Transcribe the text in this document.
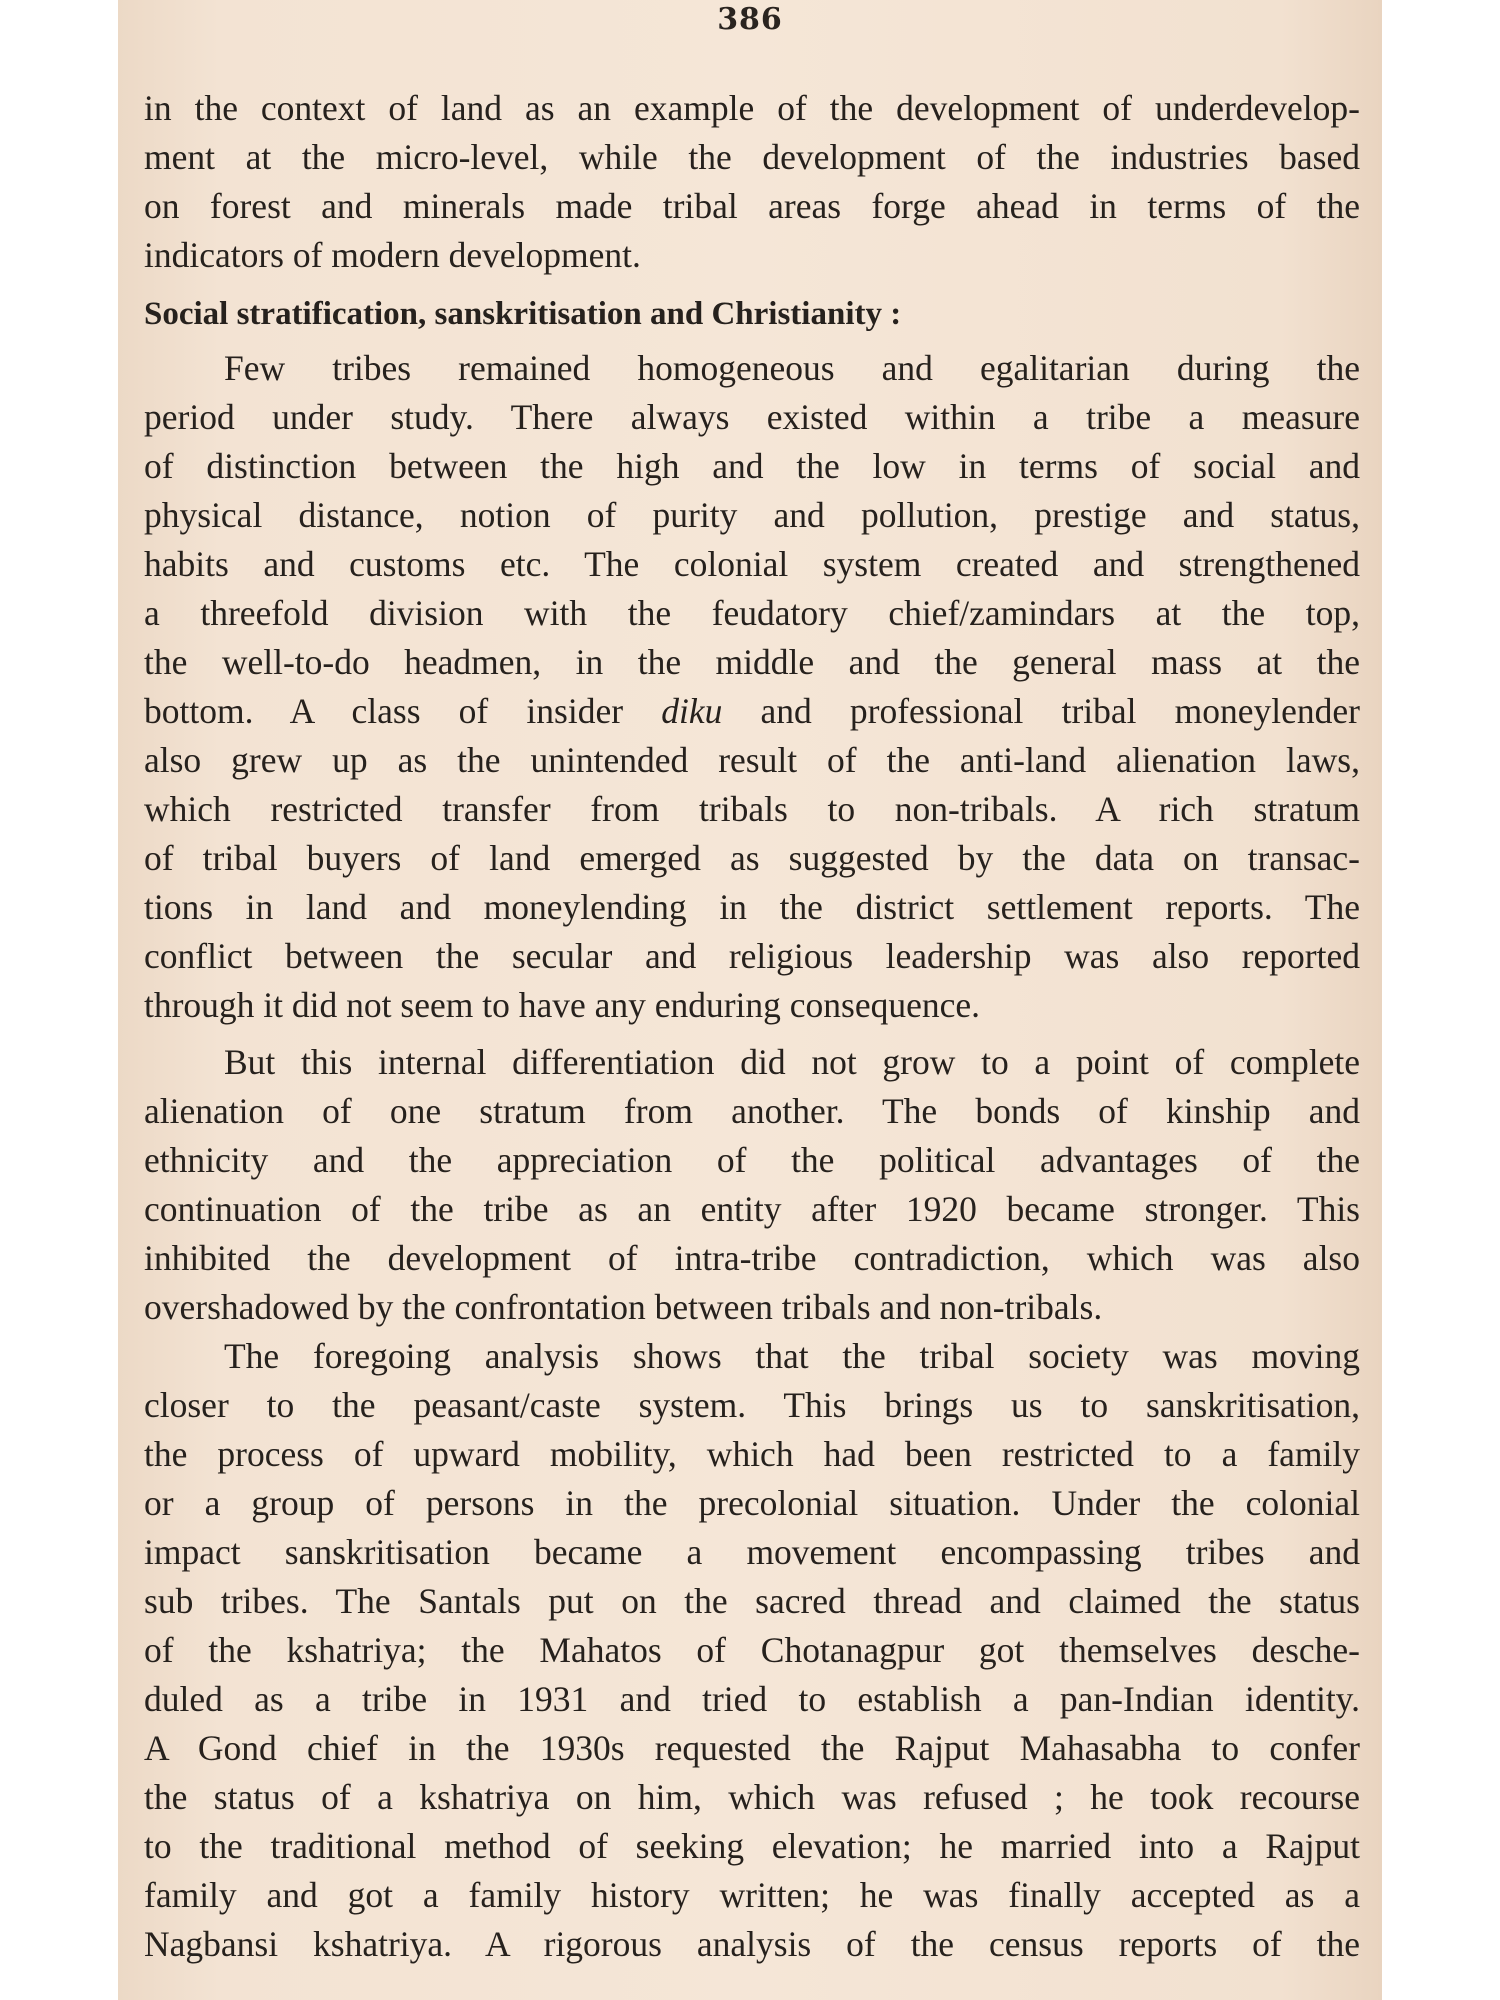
386
in the context of land as an example of the development of underdevelop-
ment at the micro-level, while the development of the industries based
on forest and minerals made tribal areas forge ahead in terms of the
indicators of modern development.
Social stratification, sanskritisation and Christianity :
Few tribes remained homogeneous and egalitarian during the
period under study. There always existed within a tribe a measure
of distinction between the high and the low in terms of social and
physical distance, notion of purity and pollution, prestige and status,
habits and customs etc. The colonial system created and strengthened
a threefold division with the feudatory chief/zamindars at the top,
the well-to-do headmen, in the middle and the general mass at the
bottom. A class of insider diku and professional tribal moneylender
also grew up as the unintended result of the anti-land alienation laws,
which restricted transfer from tribals to non-tribals. A rich stratum
of tribal buyers of land emerged as suggested by the data on transac-
tions in land and moneylending in the district settlement reports. The
conflict between the secular and religious leadership was also reported
through it did not seem to have any enduring consequence.
But this internal differentiation did not grow to a point of complete
alienation of one stratum from another. The bonds of kinship and
ethnicity and the appreciation of the political advantages of the
continuation of the tribe as an entity after 1920 became stronger. This
inhibited the development of intra-tribe contradiction, which was also
overshadowed by the confrontation between tribals and non-tribals.
The foregoing analysis shows that the tribal society was moving
closer to the peasant/caste system. This brings us to sanskritisation,
the process of upward mobility, which had been restricted to a family
or a group of persons in the precolonial situation. Under the colonial
impact sanskritisation became a movement encompassing tribes and
sub tribes. The Santals put on the sacred thread and claimed the status
of the kshatriya; the Mahatos of Chotanagpur got themselves desche-
duled as a tribe in 1931 and tried to establish a pan-Indian identity.
A Gond chief in the 1930s requested the Rajput Mahasabha to confer
the status of a kshatriya on him, which was refused ; he took recourse
to the traditional method of seeking elevation; he married into a Rajput
family and got a family history written; he was finally accepted as a
Nagbansi kshatriya. A rigorous analysis of the census reports of the
